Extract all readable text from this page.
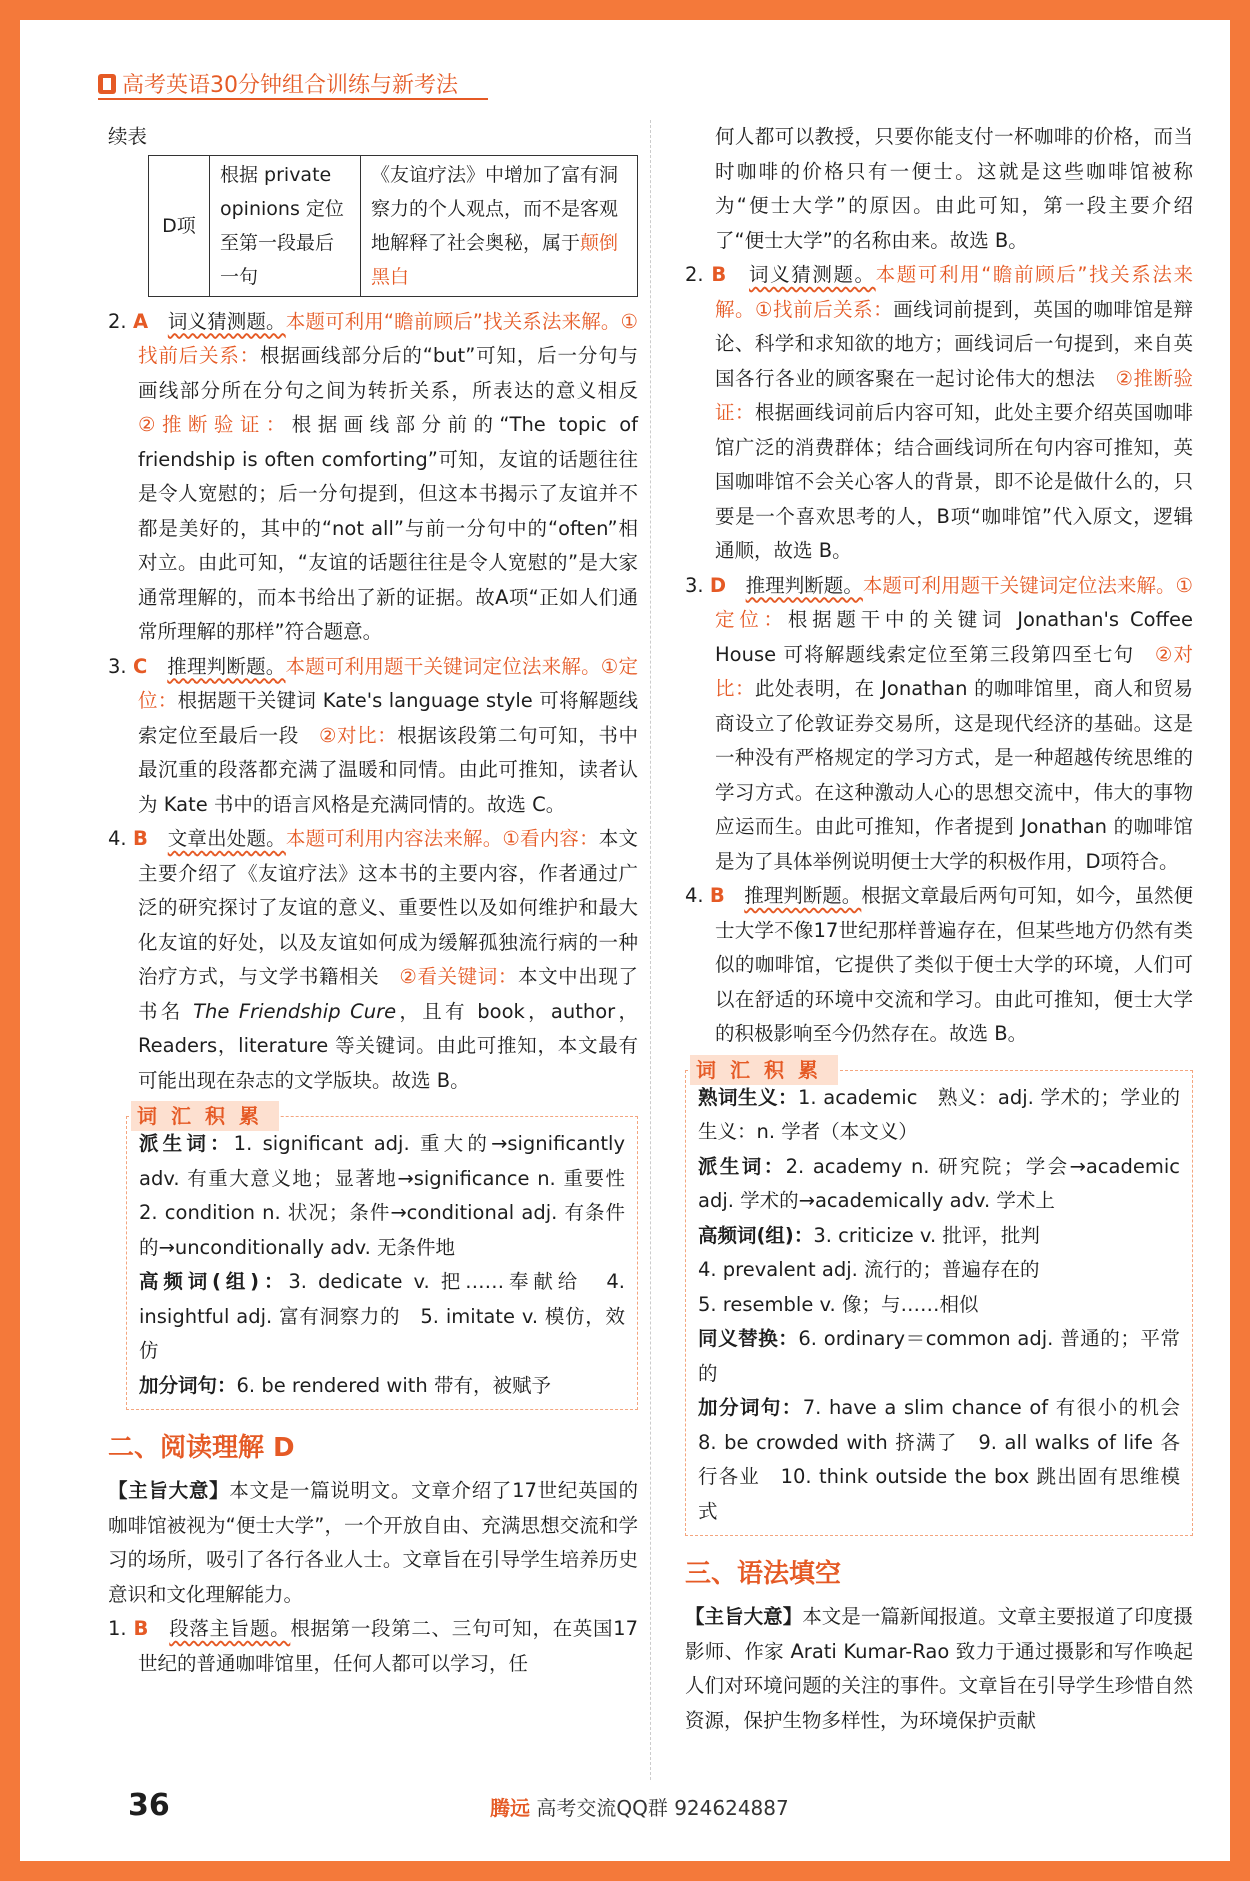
高考英语30分钟组合训练与新考法

续表

D项	根据 private opinions 定位至第一段最后一句	《友谊疗法》中增加了富有洞察力的个人观点，而不是客观地解释了社会奥秘，属于颠倒黑白

2. A　 词义猜测题。本题可利用“瞻前顾后”找关系法来解。①找前后关系：根据画线部分后的“but”可知，后一分句与画线部分所在分句之间为转折关系，所表达的意义相反　②推断验证：根据画线部分前的“The topic of friendship is often comforting”可知，友谊的话题往往是令人宽慰的；后一分句提到，但这本书揭示了友谊并不都是美好的，其中的“not all”与前一分句中的“often”相对立。由此可知，“友谊的话题往往是令人宽慰的”是大家通常理解的，而本书给出了新的证据。故A项“正如人们通常所理解的那样”符合题意。

3. C　 推理判断题。本题可利用题干关键词定位法来解。①定位：根据题干关键词 Kate's language style 可将解题线索定位至最后一段　 ②对比：根据该段第二句可知，书中最沉重的段落都充满了温暖和同情。由此可推知，读者认为 Kate 书中的语言风格是充满同情的。故选 C。

4. B　 文章出处题。本题可利用内容法来解。①看内容：本文主要介绍了《友谊疗法》这本书的主要内容，作者通过广泛的研究探讨了友谊的意义、重要性以及如何维护和最大化友谊的好处，以及友谊如何成为缓解孤独流行病的一种治疗方式，与文学书籍相关　 ②看关键词：本文中出现了书名 The Friendship Cure，且有 book，author，Readers，literature 等关键词。由此可推知，本文最有可能出现在杂志的文学版块。故选 B。

词汇积累

派生词：1. significant adj. 重大的→significantly adv. 有重大意义地；显著地→significance n. 重要性　2. condition n. 状况；条件→conditional adj. 有条件的→unconditionally adv. 无条件地

高频词(组)：3. dedicate v. 把……奉献给　4. insightful adj. 富有洞察力的　5. imitate v. 模仿，效仿

加分词句：6. be rendered with 带有，被赋予

二、阅读理解 D

【主旨大意】本文是一篇说明文。文章介绍了17世纪英国的咖啡馆被视为“便士大学”，一个开放自由、充满思想交流和学习的场所，吸引了各行各业人士。文章旨在引导学生培养历史意识和文化理解能力。

1. B　 段落主旨题。根据第一段第二、三句可知，在英国17世纪的普通咖啡馆里，任何人都可以学习，任

何人都可以教授，只要你能支付一杯咖啡的价格，而当时咖啡的价格只有一便士。这就是这些咖啡馆被称为“便士大学”的原因。由此可知，第一段主要介绍了“便士大学”的名称由来。故选 B。

2. B　 词义猜测题。本题可利用“瞻前顾后”找关系法来解。①找前后关系：画线词前提到，英国的咖啡馆是辩论、科学和求知欲的地方；画线词后一句提到，来自英国各行各业的顾客聚在一起讨论伟大的想法　 ②推断验证：根据画线词前后内容可知，此处主要介绍英国咖啡馆广泛的消费群体；结合画线词所在句内容可推知，英国咖啡馆不会关心客人的背景，即不论是做什么的，只要是一个喜欢思考的人，B项“咖啡馆”代入原文，逻辑通顺，故选 B。

3. D　 推理判断题。本题可利用题干关键词定位法来解。①定位：根据题干中的关键词 Jonathan's Coffee House 可将解题线索定位至第三段第四至七句　 ②对比：此处表明，在 Jonathan 的咖啡馆里，商人和贸易商设立了伦敦证券交易所，这是现代经济的基础。这是一种没有严格规定的学习方式，是一种超越传统思维的学习方式。在这种激动人心的思想交流中，伟大的事物应运而生。由此可推知，作者提到 Jonathan 的咖啡馆是为了具体举例说明便士大学的积极作用，D项符合。

4. B　 推理判断题。根据文章最后两句可知，如今，虽然便士大学不像17世纪那样普遍存在，但某些地方仍然有类似的咖啡馆，它提供了类似于便士大学的环境，人们可以在舒适的环境中交流和学习。由此可推知，便士大学的积极影响至今仍然存在。故选 B。

词汇积累

熟词生义：1. academic　熟义：adj. 学术的；学业的　生义：n. 学者（本文义）

派生词：2. academy n. 研究院；学会→academic adj. 学术的→academically adv. 学术上

高频词(组)：3. criticize v. 批评，批判

4. prevalent adj. 流行的；普遍存在的

5. resemble v. 像；与……相似

同义替换：6. ordinary＝common adj. 普通的；平常的

加分词句：7. have a slim chance of 有很小的机会　8. be crowded with 挤满了　9. all walks of life 各行各业　10. think outside the box 跳出固有思维模式

三、语法填空

【主旨大意】本文是一篇新闻报道。文章主要报道了印度摄影师、作家 Arati Kumar-Rao 致力于通过摄影和写作唤起人们对环境问题的关注的事件。文章旨在引导学生珍惜自然资源，保护生物多样性，为环境保护贡献

36	腾远 高考交流QQ群 924624887
